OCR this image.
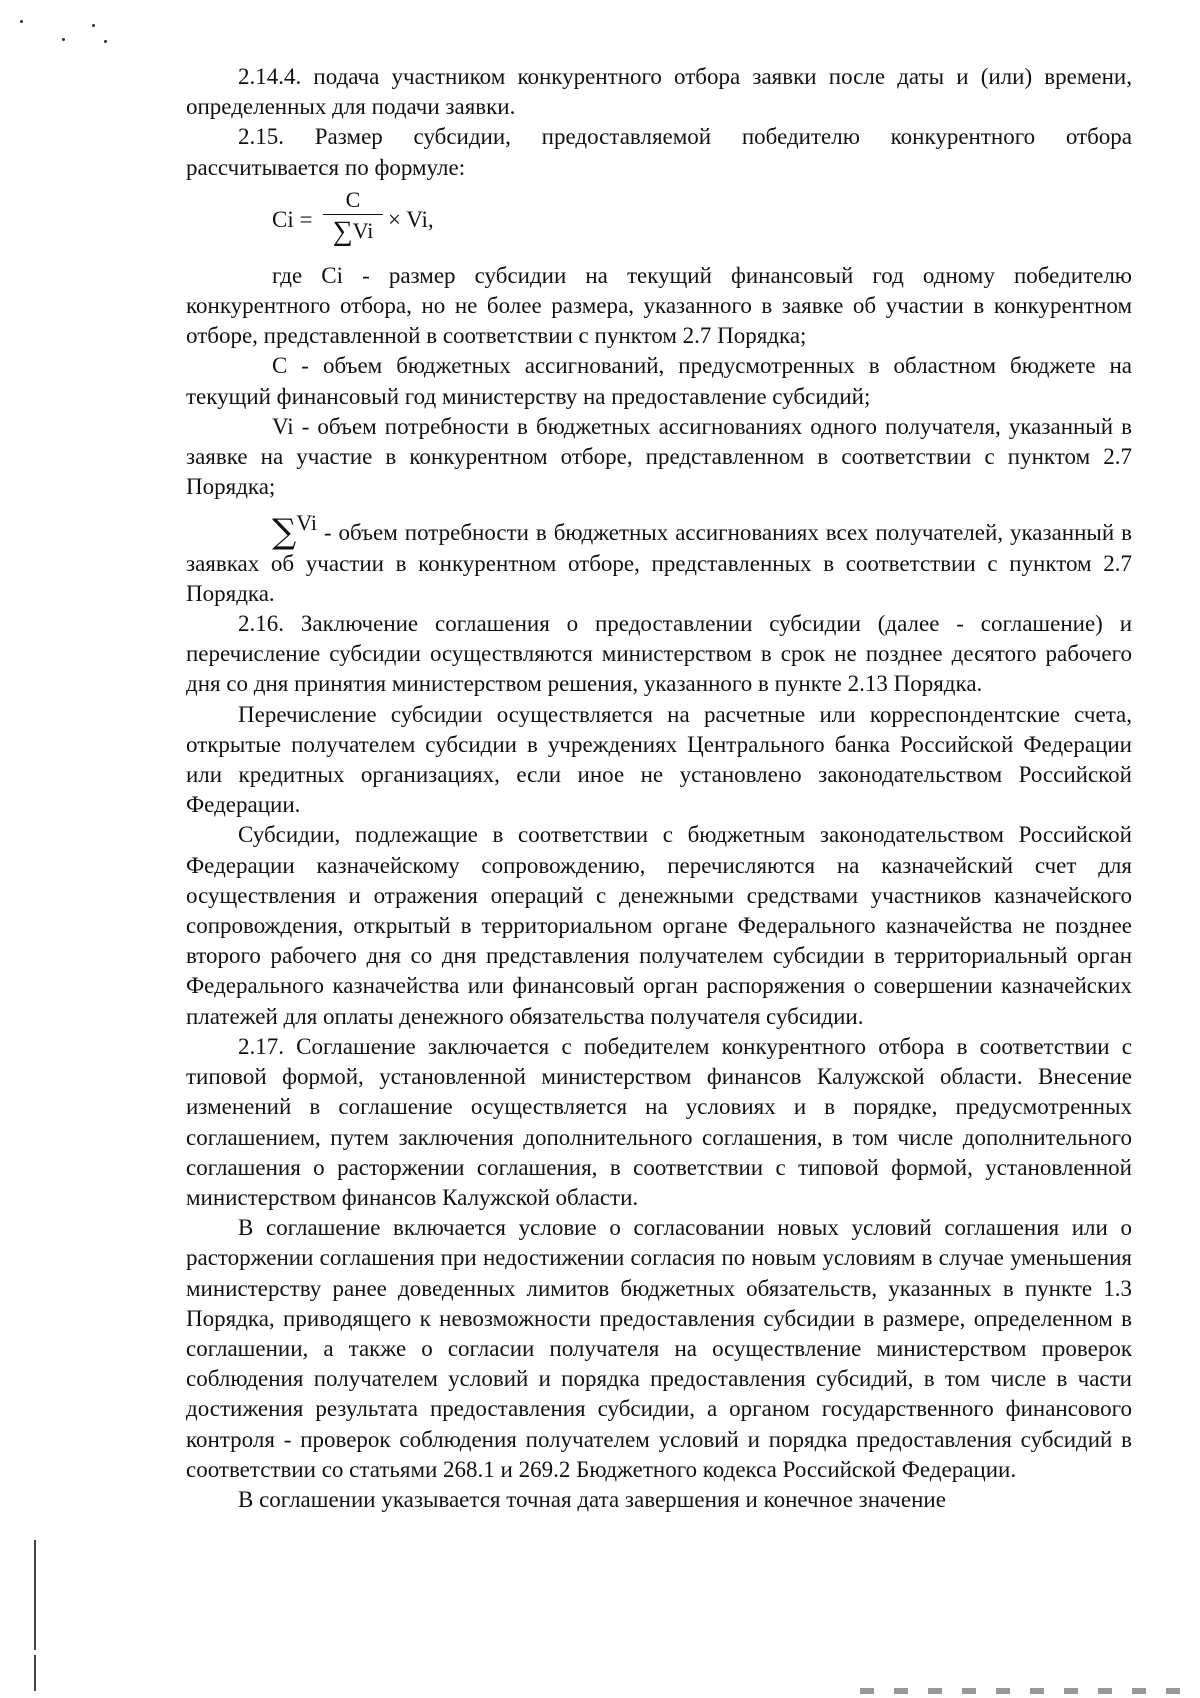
2.14.4. подача участником конкурентного отбора заявки после даты и (или) времени, определенных для подачи заявки.

2.15. Размер субсидии, предоставляемой победителю конкурентного отбора рассчитывается по формуле:

Ci =
С
∑Vi × Vi,

где Ci - размер субсидии на текущий финансовый год одному победителю конкурентного отбора, но не более размера, указанного в заявке об участии в конкурентном отборе, представленной в соответствии с пунктом 2.7 Порядка;

С - объем бюджетных ассигнований, предусмотренных в областном бюджете на текущий финансовый год министерству на предоставление субсидий;

Vi - объем потребности в бюджетных ассигнованиях одного получателя, указанный в заявке на участие в конкурентном отборе, представленном в соответствии с пунктом 2.7 Порядка;

∑Vi - объем потребности в бюджетных ассигнованиях всех получателей, указанный в заявках об участии в конкурентном отборе, представленных в соответствии с пунктом 2.7 Порядка.

2.16. Заключение соглашения о предоставлении субсидии (далее - соглашение) и перечисление субсидии осуществляются министерством в срок не позднее десятого рабочего дня со дня принятия министерством решения, указанного в пункте 2.13 Порядка.

Перечисление субсидии осуществляется на расчетные или корреспондентские счета, открытые получателем субсидии в учреждениях Центрального банка Российской Федерации или кредитных организациях, если иное не установлено законодательством Российской Федерации.

Субсидии, подлежащие в соответствии с бюджетным законодательством Российской Федерации казначейскому сопровождению, перечисляются на казначейский счет для осуществления и отражения операций с денежными средствами участников казначейского сопровождения, открытый в территориальном органе Федерального казначейства не позднее второго рабочего дня со дня представления получателем субсидии в территориальный орган Федерального казначейства или финансовый орган распоряжения о совершении казначейских платежей для оплаты денежного обязательства получателя субсидии.

2.17. Соглашение заключается с победителем конкурентного отбора в соответствии с типовой формой, установленной министерством финансов Калужской области. Внесение изменений в соглашение осуществляется на условиях и в порядке, предусмотренных соглашением, путем заключения дополнительного соглашения, в том числе дополнительного соглашения о расторжении соглашения, в соответствии с типовой формой, установленной министерством финансов Калужской области.

В соглашение включается условие о согласовании новых условий соглашения или о расторжении соглашения при недостижении согласия по новым условиям в случае уменьшения министерству ранее доведенных лимитов бюджетных обязательств, указанных в пункте 1.3 Порядка, приводящего к невозможности предоставления субсидии в размере, определенном в соглашении, а также о согласии получателя на осуществление министерством проверок соблюдения получателем условий и порядка предоставления субсидий, в том числе в части достижения результата предоставления субсидии, а органом государственного финансового контроля - проверок соблюдения получателем условий и порядка предоставления субсидий в соответствии со статьями 268.1 и 269.2 Бюджетного кодекса Российской Федерации.

В соглашении указывается точная дата завершения и конечное значение
